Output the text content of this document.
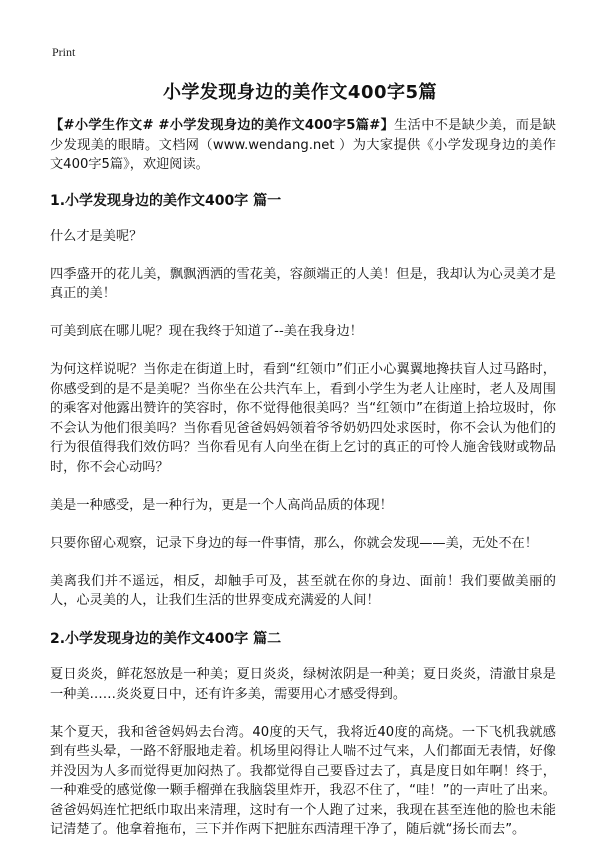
Print
小学发现身边的美作文400字5篇

【#小学生作文# #小学发现身边的美作文400字5篇#】生活中不是缺少美，而是缺少发现美的眼睛。文档网（www.wendang.net ）为大家提供《小学发现身边的美作文400字5篇》，欢迎阅读。

1.小学发现身边的美作文400字 篇一

什么才是美呢？

四季盛开的花儿美，飘飘洒洒的雪花美，容颜端正的人美！但是，我却认为心灵美才是真正的美！

可美到底在哪儿呢？现在我终于知道了--美在我身边！

为何这样说呢？当你走在街道上时，看到“红领巾”们正小心翼翼地搀扶盲人过马路时，你感受到的是不是美呢？当你坐在公共汽车上，看到小学生为老人让座时，老人及周围的乘客对他露出赞许的笑容时，你不觉得他很美吗？当“红领巾”在街道上拾垃圾时，你不会认为他们很美吗？当你看见爸爸妈妈领着爷爷奶奶四处求医时，你不会认为他们的行为很值得我们效仿吗？当你看见有人向坐在街上乞讨的真正的可怜人施舍钱财或物品时，你不会心动吗？

美是一种感受，是一种行为，更是一个人高尚品质的体现！

只要你留心观察，记录下身边的每一件事情，那么，你就会发现——美，无处不在！

美离我们并不遥远，相反，却触手可及，甚至就在你的身边、面前！我们要做美丽的人，心灵美的人，让我们生活的世界变成充满爱的人间！

2.小学发现身边的美作文400字 篇二

夏日炎炎，鲜花怒放是一种美；夏日炎炎，绿树浓阴是一种美；夏日炎炎，清澈甘泉是一种美……炎炎夏日中，还有许多美，需要用心才感受得到。

某个夏天，我和爸爸妈妈去台湾。40度的天气，我将近40度的高烧。一下飞机我就感到有些头晕，一路不舒服地走着。机场里闷得让人喘不过气来，人们都面无表情，好像并没因为人多而觉得更加闷热了。我都觉得自己要昏过去了，真是度日如年啊！终于，一种难受的感觉像一颗手榴弹在我脑袋里炸开，我忍不住了，“哇！”的一声吐了出来。爸爸妈妈连忙把纸巾取出来清理，这时有一个人跑了过来，我现在甚至连他的脸也未能记清楚了。他拿着拖布，三下并作两下把脏东西清理干净了，随后就“扬长而去”。
